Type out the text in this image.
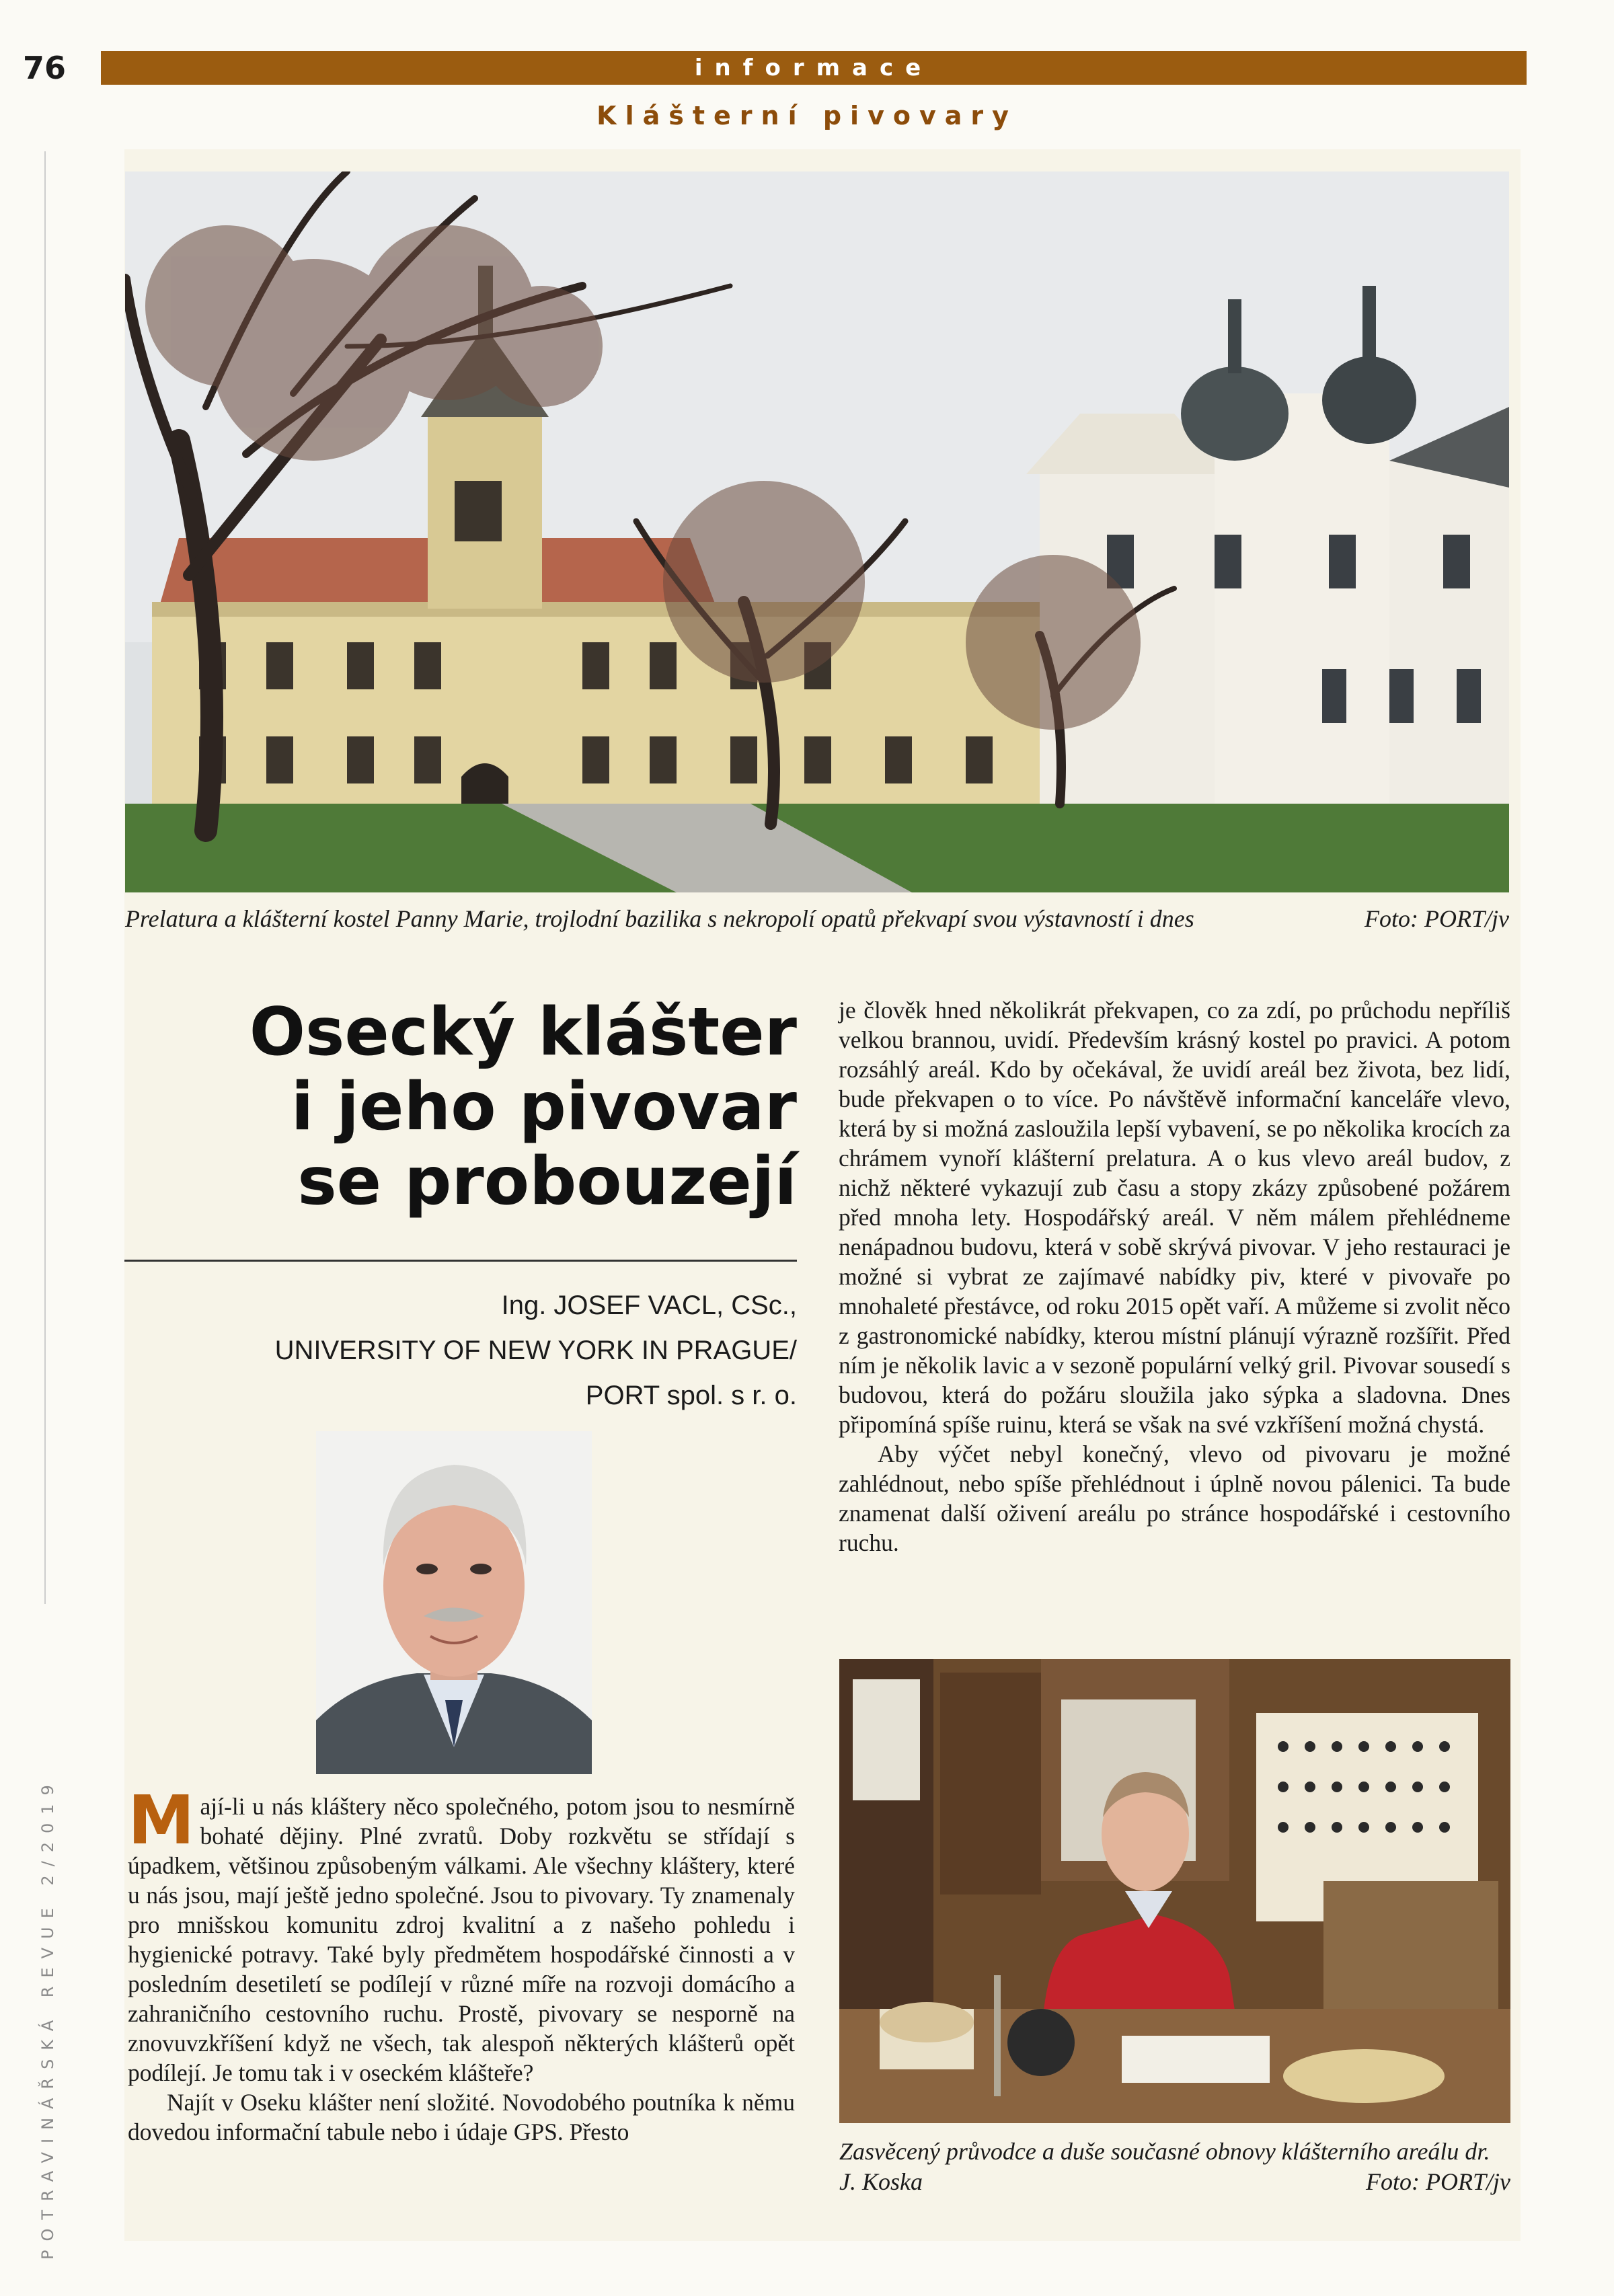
76	informace
Klášterní pivovary
POTRAVINÁŘSKÁ REVUE 2/2019
Prelatura a klášterní kostel Panny Marie, trojlodní bazilika s nekropolí opatů překvapí svou výstavností i dnes	Foto: PORT/jv
Osecký klášter
i jeho pivovar
se probouzejí
Ing. JOSEF VACL, CSc.,
UNIVERSITY OF NEW YORK IN PRAGUE/
PORT spol. s r. o.

Mají-li u nás kláštery něco společného, potom jsou to nesmírně bohaté dějiny. Plné zvratů. Doby rozkvětu se střídají s úpadkem, většinou způsobeným válkami. Ale všechny kláštery, které u nás jsou, mají ještě jedno společné. Jsou to pivovary. Ty znamenaly pro mnišskou komunitu zdroj kvalitní a z našeho pohledu i hygienické potravy. Také byly předmětem hospodářské činnosti a v posledním desetiletí se podílejí v různé míře na rozvoji domácího a zahraničního cestovního ruchu. Prostě, pivovary se nesporně na znovuvzkříšení když ne všech, tak alespoň některých klášterů opět podílejí. Je tomu tak i v oseckém klášteře?

Najít v Oseku klášter není složité. Novodobého poutníka k němu dovedou informační tabule nebo i údaje GPS. Přesto

je člověk hned několikrát překvapen, co za zdí, po průchodu nepříliš velkou brannou, uvidí. Především krásný kostel po pravici. A potom rozsáhlý areál. Kdo by očekával, že uvidí areál bez života, bez lidí, bude překvapen o to více. Po návštěvě informační kanceláře vlevo, která by si možná zasloužila lepší vybavení, se po několika krocích za chrámem vynoří klášterní prelatura. A o kus vlevo areál budov, z nichž některé vykazují zub času a stopy zkázy způsobené požárem před mnoha lety. Hospodářský areál. V něm málem přehlédneme nenápadnou budovu, která v sobě skrývá pivovar. V jeho restauraci je možné si vybrat ze zajímavé nabídky piv, které v pivovaře po mnohaleté přestávce, od roku 2015 opět vaří. A můžeme si zvolit něco z gastronomické nabídky, kterou místní plánují výrazně rozšířit. Před ním je několik lavic a v sezoně populární velký gril. Pivovar sousedí s budovou, která do požáru sloužila jako sýpka a sladovna. Dnes připomíná spíše ruinu, která se však na své vzkříšení možná chystá.

Aby výčet nebyl konečný, vlevo od pivovaru je možné zahlédnout, nebo spíše přehlédnout i úplně novou pálenici. Ta bude znamenat další oživení areálu po stránce hospodářské i cestovního ruchu.

Zasvěcený průvodce a duše současné obnovy klášterního areálu dr. J. Koska	Foto: PORT/jv
